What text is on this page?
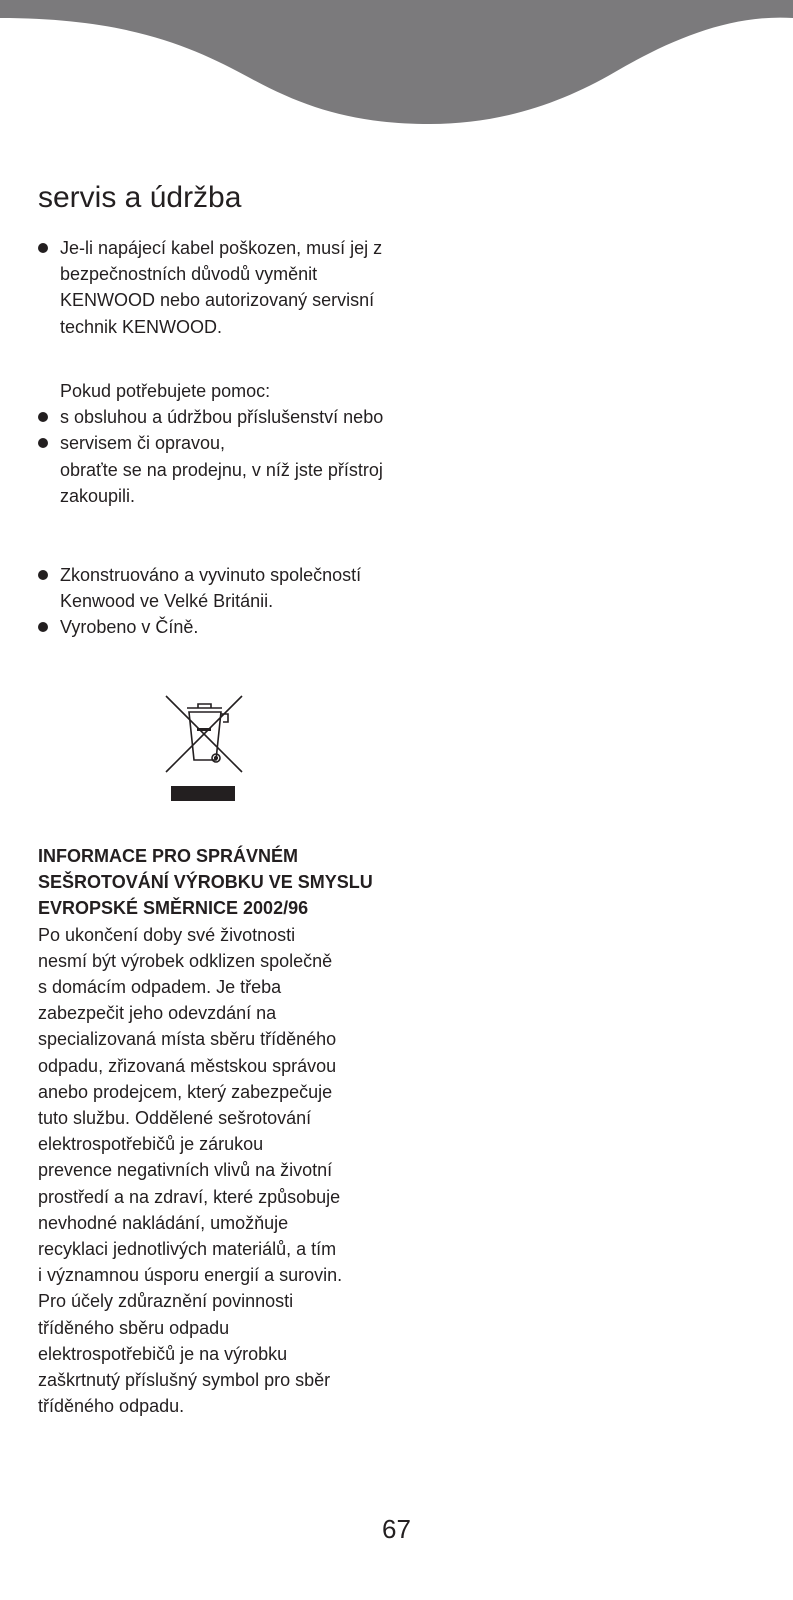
servis a údržba

Je-li napájecí kabel poškozen, musí jej z bezpečnostních důvodů vyměnit KENWOOD nebo autorizovaný servisní technik KENWOOD.

Pokud potřebujete pomoc:

s obsluhou a údržbou příslušenství nebo

servisem či opravou,

obraťte se na prodejnu, v níž jste přístroj zakoupili.

Zkonstruováno a vyvinuto společností Kenwood ve Velké Británii.

Vyrobeno v Číně.

INFORMACE PRO SPRÁVNÉM SEŠROTOVÁNÍ VÝROBKU VE SMYSLU EVROPSKÉ SMĚRNICE 2002/96

Po ukončení doby své životnosti
nesmí být výrobek odklizen společně
s domácím odpadem. Je třeba
zabezpečit jeho odevzdání na
specializovaná místa sběru tříděného
odpadu, zřizovaná městskou správou
anebo prodejcem, který zabezpečuje
tuto službu. Oddělené sešrotování
elektrospotřebičů je zárukou
prevence negativních vlivů na životní
prostředí a na zdraví, které způsobuje
nevhodné nakládání, umožňuje
recyklaci jednotlivých materiálů, a tím
i významnou úsporu energií a surovin.
Pro účely zdůraznění povinnosti
tříděného sběru odpadu
elektrospotřebičů je na výrobku
zaškrtnutý příslušný symbol pro sběr
tříděného odpadu.

67
